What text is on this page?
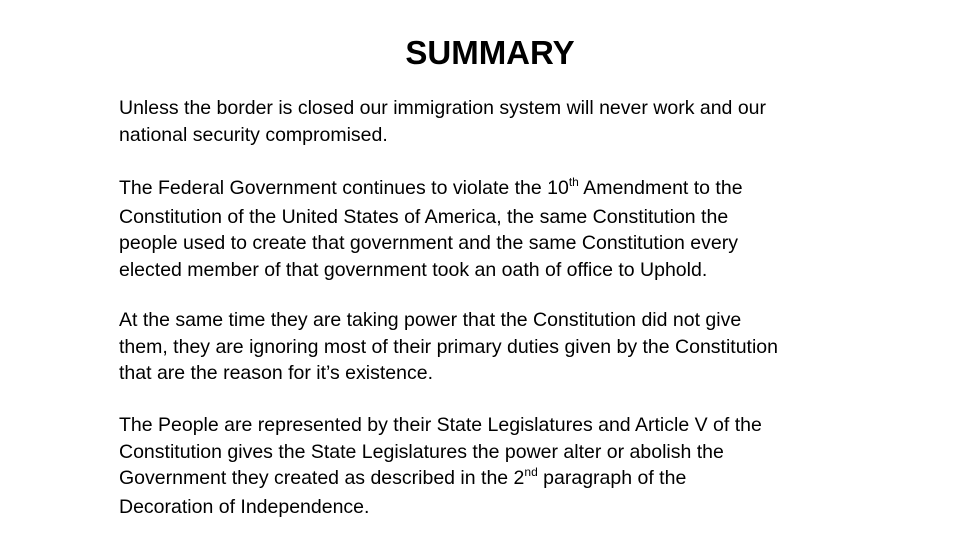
SUMMARY
Unless the border is closed our immigration system will never work and our
national security compromised.
The Federal Government continues to violate the 10th Amendment to the
Constitution of the United States of America, the same Constitution the
people used to create that government and the same Constitution every
elected member of that government took an oath of office to Uphold.
At the same time they are taking power that the Constitution did not give
them, they are ignoring most of their primary duties given by the Constitution
that are the reason for it’s existence.
The People are represented by their State Legislatures and Article V of the
Constitution gives the State Legislatures the power alter or abolish the
Government they created as described in the 2nd paragraph of the
Decoration of Independence.
